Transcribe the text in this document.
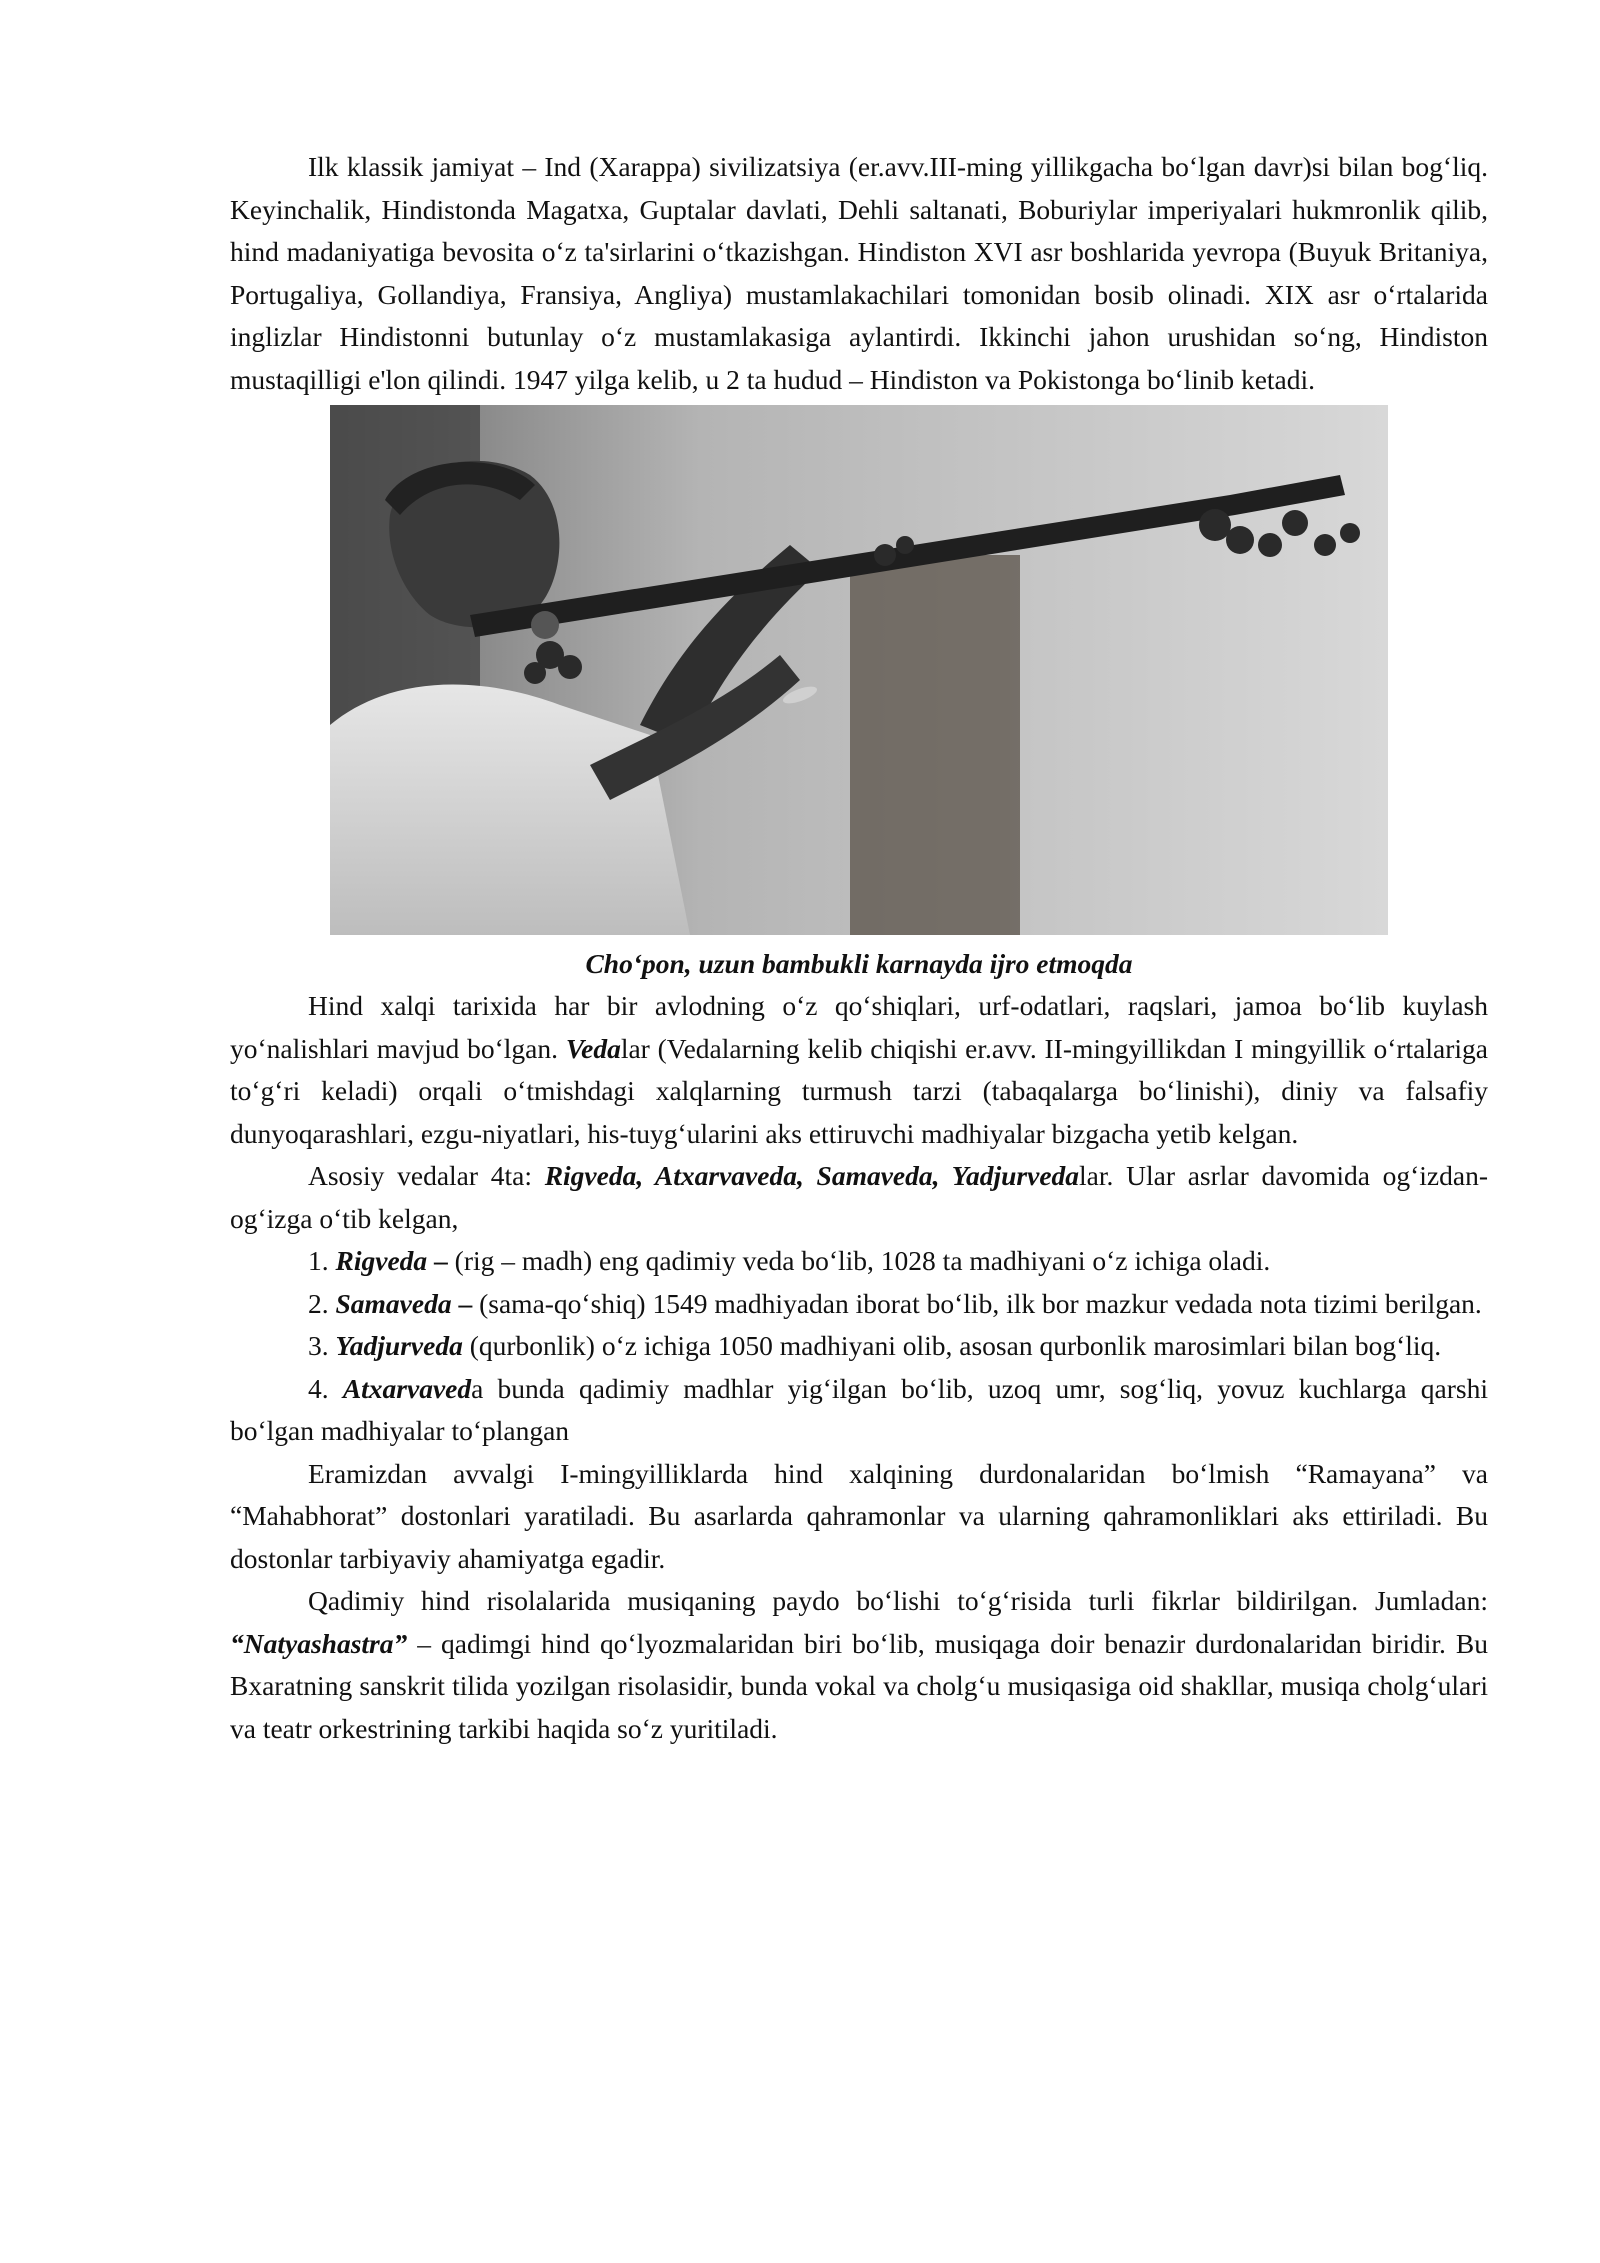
Ilk klassik jamiyat – Ind (Xarappa) sivilizatsiya (er.avv.III-ming yillikgacha bo‘lgan davr)si bilan bog‘liq. Keyinchalik, Hindistonda Magatxa, Guptalar davlati, Dehli saltanati, Boburiylar imperiyalari hukmronlik qilib, hind madaniyatiga bevosita o‘z ta'sirlarini o‘tkazishgan. Hindiston XVI asr boshlarida yevropa (Buyuk Britaniya, Portugaliya, Gollandiya, Fransiya, Angliya) mustamlakachilari tomonidan bosib olinadi. XIX asr o‘rtalarida inglizlar Hindistonni butunlay o‘z mustamlakasiga aylantirdi. Ikkinchi jahon urushidan so‘ng, Hindiston mustaqilligi e'lon qilindi. 1947 yilga kelib, u 2 ta hudud – Hindiston va Pokistonga bo‘linib ketadi.

Cho‘pon, uzun bambukli karnayda ijro etmoqda

Hind xalqi tarixida har bir avlodning o‘z qo‘shiqlari, urf-odatlari, raqslari, jamoa bo‘lib kuylash yo‘nalishlari mavjud bo‘lgan. Vedalar (Vedalarning kelib chiqishi er.avv. II-mingyillikdan I mingyillik o‘rtalariga to‘g‘ri keladi) orqali o‘tmishdagi xalqlarning turmush tarzi (tabaqalarga bo‘linishi), diniy va falsafiy dunyoqarashlari, ezgu-niyatlari, his-tuyg‘ularini aks ettiruvchi madhiyalar bizgacha yetib kelgan.

Asosiy vedalar 4ta: Rigveda, Atxarvaveda, Samaveda, Yadjurvedalar. Ular asrlar davomida og‘izdan-og‘izga o‘tib kelgan,

1. Rigveda – (rig – madh) eng qadimiy veda bo‘lib, 1028 ta madhiyani o‘z ichiga oladi.

2. Samaveda – (sama-qo‘shiq) 1549 madhiyadan iborat bo‘lib, ilk bor mazkur vedada nota tizimi berilgan.

3. Yadjurveda (qurbonlik) o‘z ichiga 1050 madhiyani olib, asosan qurbonlik marosimlari bilan bog‘liq.

4. Atxarvaveda bunda qadimiy madhlar yig‘ilgan bo‘lib, uzoq umr, sog‘liq, yovuz kuchlarga qarshi bo‘lgan madhiyalar to‘plangan

Eramizdan avvalgi I-mingyilliklarda hind xalqining durdonalaridan bo‘lmish “Ramayana” va “Mahabhorat” dostonlari yaratiladi. Bu asarlarda qahramonlar va ularning qahramonliklari aks ettiriladi. Bu dostonlar tarbiyaviy ahamiyatga egadir.

Qadimiy hind risolalarida musiqaning paydo bo‘lishi to‘g‘risida turli fikrlar bildirilgan. Jumladan: “Natyashastra” – qadimgi hind qo‘lyozmalaridan biri bo‘lib, musiqaga doir benazir durdonalaridan biridir. Bu Bxaratning sanskrit tilida yozilgan risolasidir, bunda vokal va cholg‘u musiqasiga oid shakllar, musiqa cholg‘ulari va teatr orkestrining tarkibi haqida so‘z yuritiladi.
